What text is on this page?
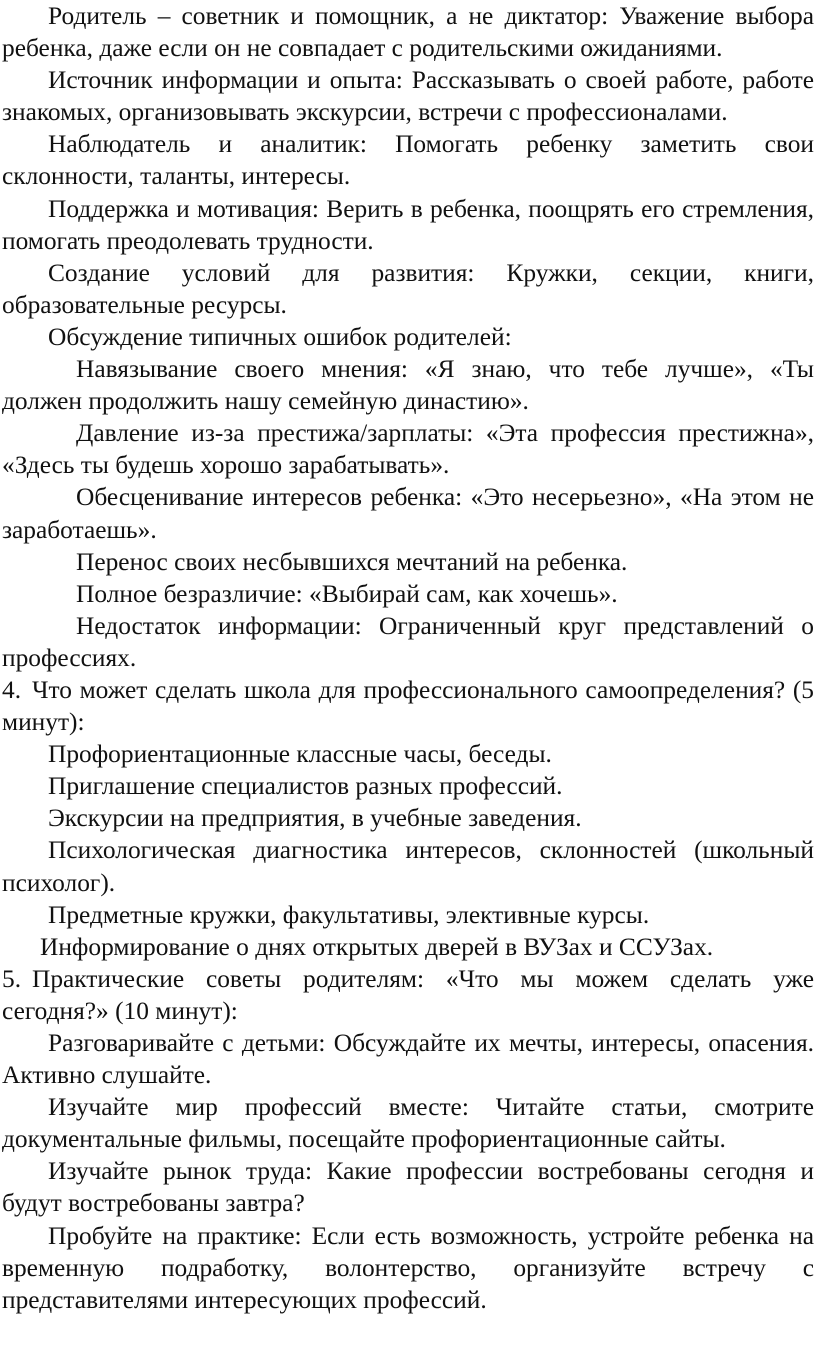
Родитель – советник и помощник, а не диктатор: Уважение выбора ребенка, даже если он не совпадает с родительскими ожиданиями.

Источник информации и опыта: Рассказывать о своей работе, работе знакомых, организовывать экскурсии, встречи с профессионалами.

Наблюдатель и аналитик: Помогать ребенку заметить свои склонности, таланты, интересы.

Поддержка и мотивация: Верить в ребенка, поощрять его стремления, помогать преодолевать трудности.

Создание условий для развития: Кружки, секции, книги, образовательные ресурсы.

Обсуждение типичных ошибок родителей:

Навязывание своего мнения: «Я знаю, что тебе лучше», «Ты должен продолжить нашу семейную династию».

Давление из-за престижа/зарплаты: «Эта профессия престижна», «Здесь ты будешь хорошо зарабатывать».

Обесценивание интересов ребенка: «Это несерьезно», «На этом не заработаешь».

Перенос своих несбывшихся мечтаний на ребенка.

Полное безразличие: «Выбирай сам, как хочешь».

Недостаток информации: Ограниченный круг представлений о профессиях.

4. Что может сделать школа для профессионального самоопределения? (5 минут):

Профориентационные классные часы, беседы.

Приглашение специалистов разных профессий.

Экскурсии на предприятия, в учебные заведения.

Психологическая диагностика интересов, склонностей (школьный психолог).

Предметные кружки, факультативы, элективные курсы.

Информирование о днях открытых дверей в ВУЗах и ССУЗах.

5. Практические советы родителям: «Что мы можем сделать уже сегодня?» (10 минут):

Разговаривайте с детьми: Обсуждайте их мечты, интересы, опасения. Активно слушайте.

Изучайте мир профессий вместе: Читайте статьи, смотрите документальные фильмы, посещайте профориентационные сайты.

Изучайте рынок труда: Какие профессии востребованы сегодня и будут востребованы завтра?

Пробуйте на практике: Если есть возможность, устройте ребенка на временную подработку, волонтерство, организуйте встречу с представителями интересующих профессий.
